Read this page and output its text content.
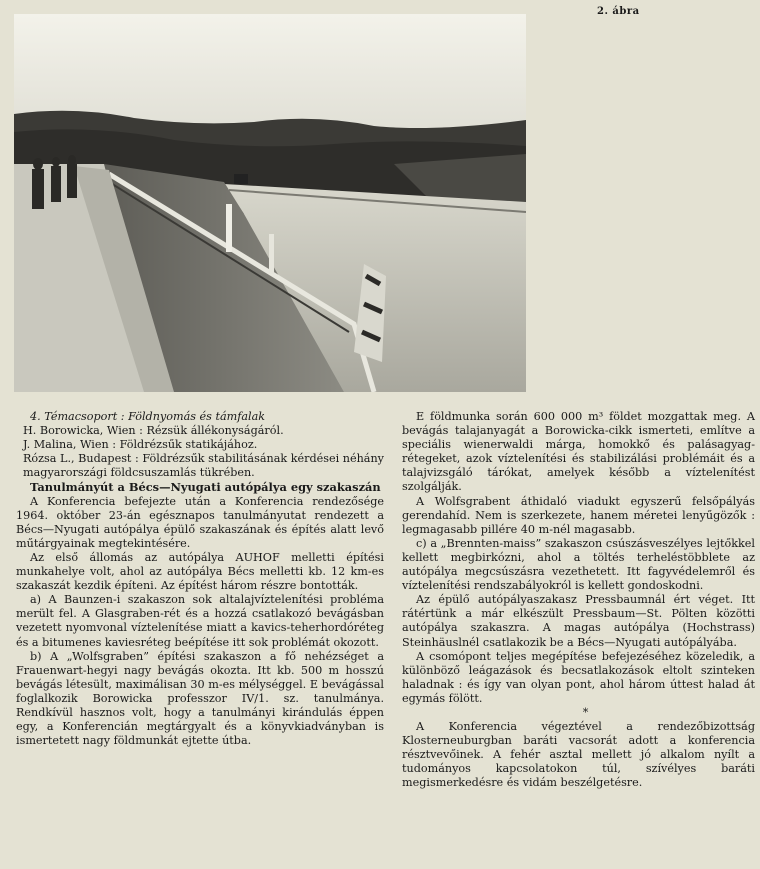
2. ábra

4. Témacsoport : Földnyomás és támfalak

H. Borowicka, Wien : Rézsük állékonyságáról.

J. Malina, Wien : Földrézsűk statikájához.

Rózsa L., Budapest : Földrézsűk stabilitásának kérdései néhány magyarországi földcsuszamlás tükrében.

Tanulmányút a Bécs—Nyugati autópálya egy szakaszán

A Konferencia befejezte után a Konferencia rendezősége 1964. október 23-án egésznapos tanulmányutat rendezett a Bécs—Nyugati autópálya épülő szakaszának és építés alatt levő műtárgyainak megtekintésére.

Az első állomás az autópálya AUHOF melletti építési munkahelye volt, ahol az autópálya Bécs melletti kb. 12 km-es szakaszát kezdik építeni. Az építést három részre bontották.

a) A Baunzen-i szakaszon sok altalajvíztelenítési probléma merült fel. A Glasgraben-rét és a hozzá csatlakozó bevágásban vezetett nyomvonal víztelenítése miatt a kavics-teherhordóréteg és a bitumenes kaviesréteg beépítése itt sok problémát okozott.

b) A „Wolfsgraben” építési szakaszon a fő nehézséget a Frauenwart-hegyi nagy bevágás okozta. Itt kb. 500 m hosszú bevágás létesült, maximálisan 30 m-es mélységgel. E bevágással foglalkozik Borowicka professzor IV/1. sz. tanulmánya. Rendkívül hasznos volt, hogy a tanulmányi kirándulás éppen egy, a Konferencián megtárgyalt és a könyvkiadványban is ismertetett nagy földmunkát ejtette útba.

E földmunka során 600 000 m³ földet mozgattak meg. A bevágás talajanyagát a Borowicka-cikk ismerteti, említve a speciális wienerwaldi márga, homokkő és palásagyag-rétegeket, azok víztelenítési és stabilizálási problémáit és a talajvizsgáló tárókat, amelyek később a víztelenítést szolgálják.

A Wolfsgrabent áthidaló viadukt egyszerű felsőpályás gerendahíd. Nem is szerkezete, hanem méretei lenyűgözők : legmagasabb pillére 40 m-nél magasabb.

c) a „Brennten-maiss” szakaszon csúszásveszélyes lejtőkkel kellett megbirkózni, ahol a töltés terheléstöbblete az autópálya megcsúszásra vezethetett. Itt fagyvédelemről és víztelenítési rendszabályokról is kellett gondoskodni.

Az épülő autópályaszakasz Pressbaumnál ért véget. Itt rátértünk a már elkészült Pressbaum—St. Pölten közötti autópálya szakaszra. A magas autópálya (Hochstrass) Steinhäuslnél csatlakozik be a Bécs—Nyugati autópályába.

A csomópont teljes megépítése befejezéséhez közeledik, a különböző leágazások és becsatlakozások eltolt szinteken haladnak : és így van olyan pont, ahol három úttest halad át egymás fölött.

*

A Konferencia végeztével a rendezőbizottság Klosterneuburgban baráti vacsorát adott a konferencia résztvevőinek. A fehér asztal mellett jó alkalom nyílt a tudományos kapcsolatokon túl, szívélyes baráti megismerkedésre és vidám beszélgetésre.
